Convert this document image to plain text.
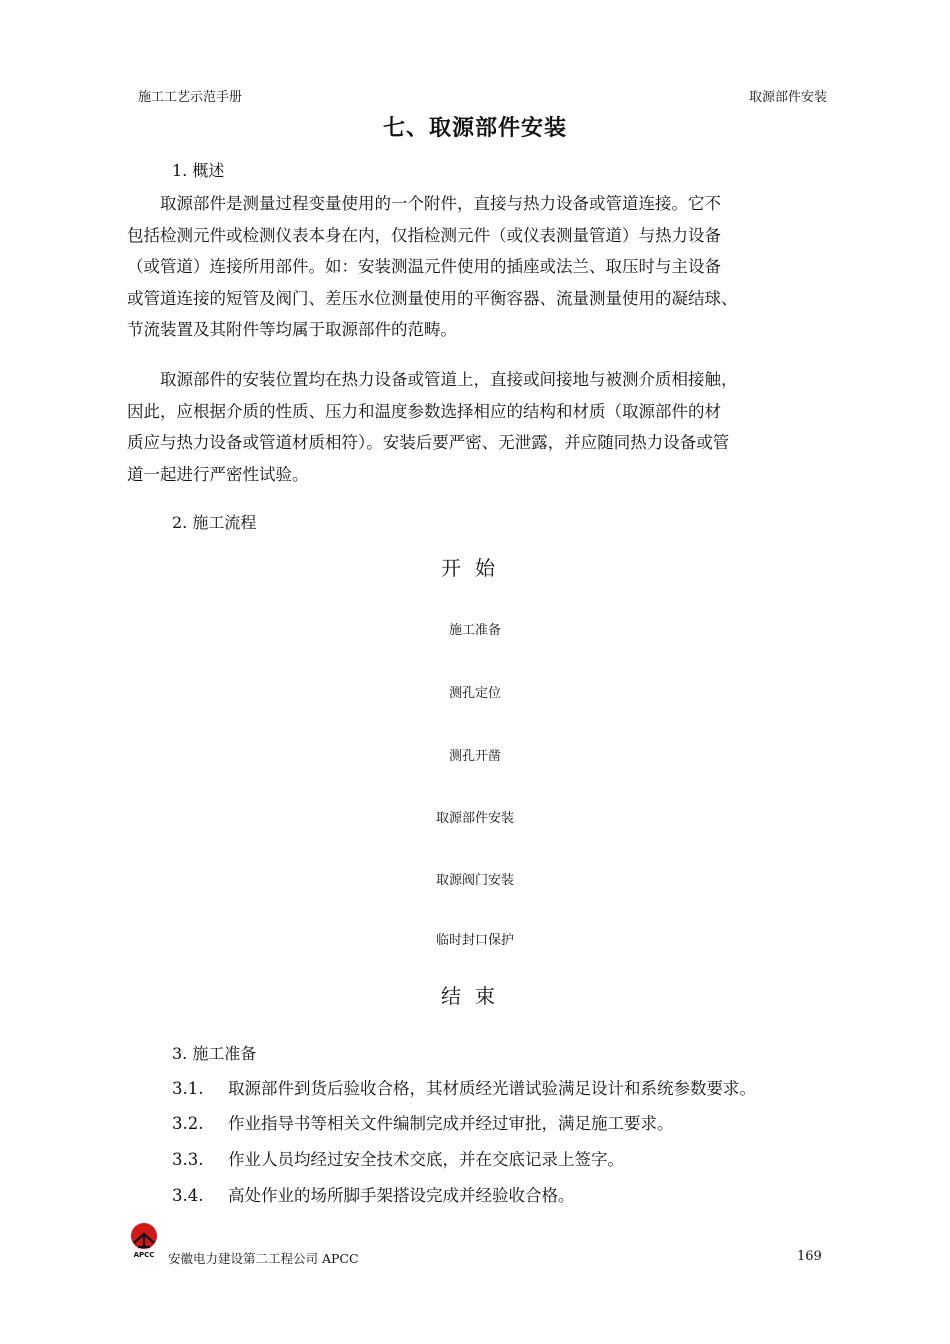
施工工艺示范手册	取源部件安装
七、取源部件安装
1. 概述
　　取源部件是测量过程变量使用的一个附件，直接与热力设备或管道连接。它不
包括检测元件或检测仪表本身在内，仅指检测元件（或仪表测量管道）与热力设备
（或管道）连接所用部件。如：安装测温元件使用的插座或法兰、取压时与主设备
或管道连接的短管及阀门、差压水位测量使用的平衡容器、流量测量使用的凝结球、
节流装置及其附件等均属于取源部件的范畴。
　　取源部件的安装位置均在热力设备或管道上，直接或间接地与被测介质相接触，
因此，应根据介质的性质、压力和温度参数选择相应的结构和材质（取源部件的材
质应与热力设备或管道材质相符）。安装后要严密、无泄露，并应随同热力设备或管
道一起进行严密性试验。
2. 施工流程
开始
施工准备
测孔定位
测孔开凿
取源部件安装
取源阀门安装
临时封口保护
结束
3. 施工准备
3.1. 取源部件到货后验收合格，其材质经光谱试验满足设计和系统参数要求。
3.2. 作业指导书等相关文件编制完成并经过审批，满足施工要求。
3.3. 作业人员均经过安全技术交底，并在交底记录上签字。
3.4. 高处作业的场所脚手架搭设完成并经验收合格。
APCC 安徽电力建设第二工程公司 APCC	169
